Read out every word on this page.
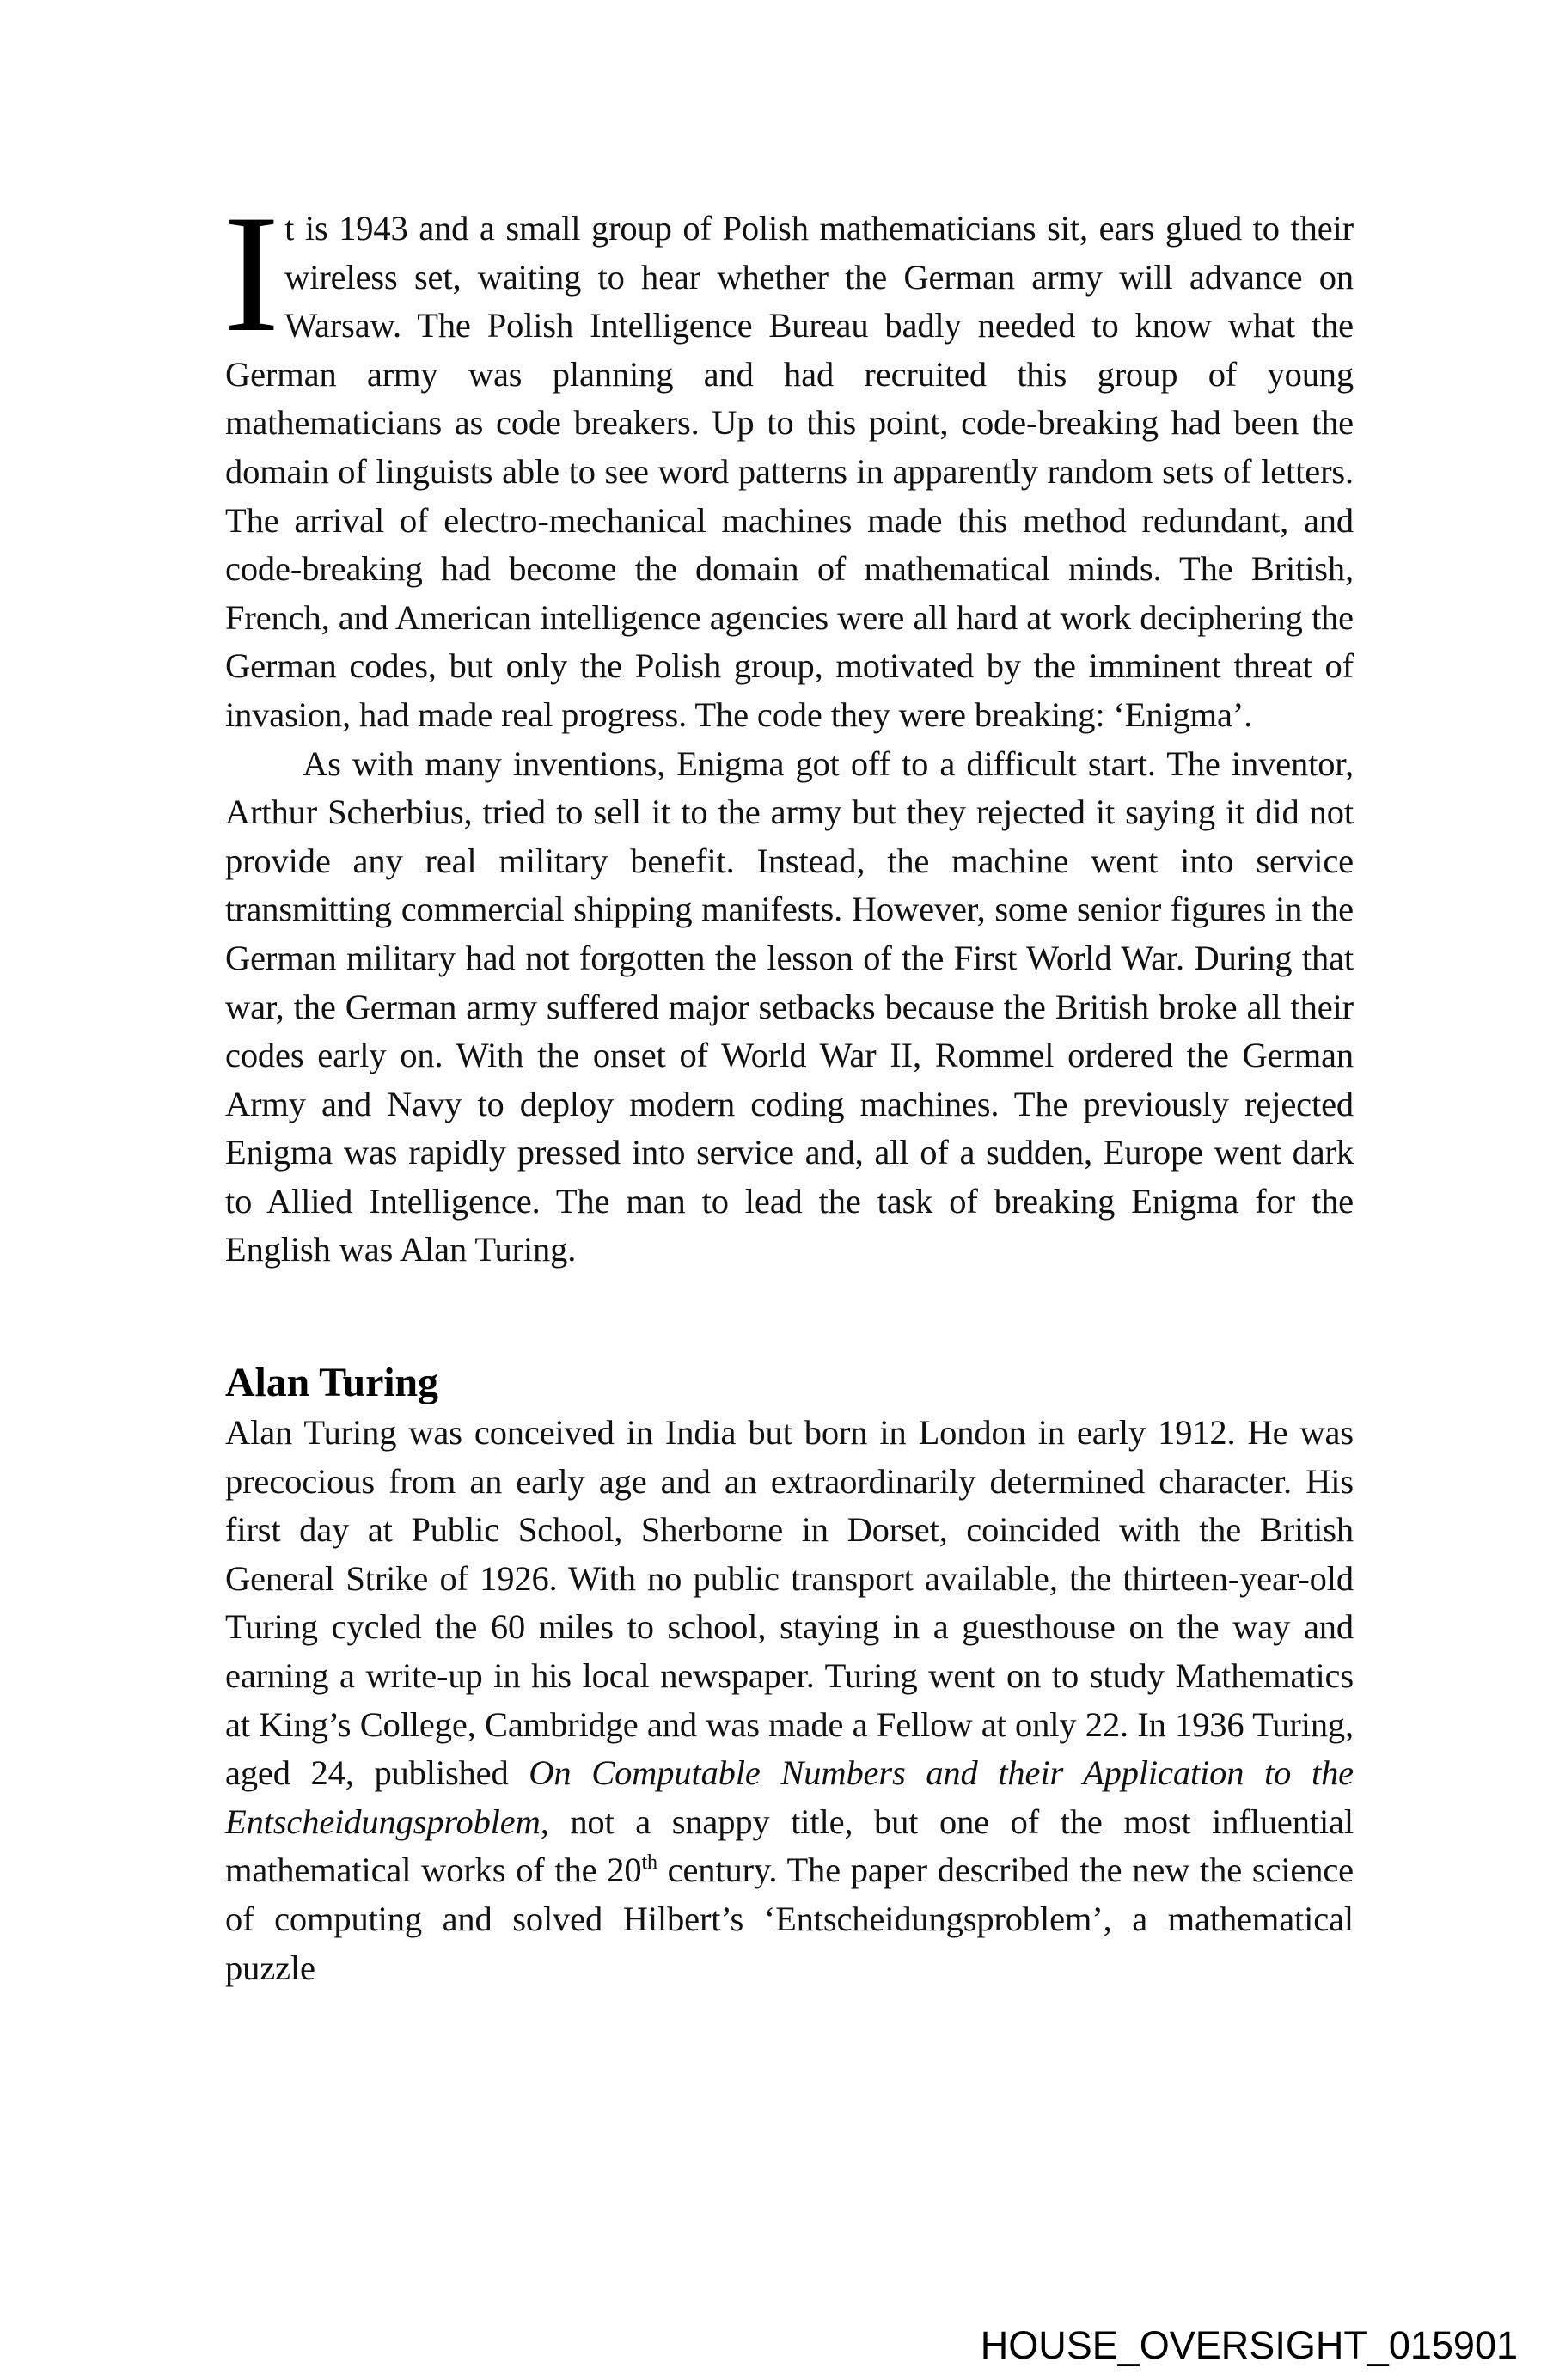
It is 1943 and a small group of Polish mathematicians sit, ears glued to their wireless set, waiting to hear whether the German army will advance on Warsaw. The Polish Intelligence Bureau badly needed to know what the German army was planning and had recruited this group of young mathematicians as code breakers. Up to this point, code-breaking had been the domain of linguists able to see word patterns in apparently random sets of letters. The arrival of electro-mechanical machines made this method redundant, and code-breaking had become the domain of mathematical minds. The British, French, and American intelligence agencies were all hard at work deciphering the German codes, but only the Polish group, motivated by the imminent threat of invasion, had made real progress. The code they were breaking: ‘Enigma’.

As with many inventions, Enigma got off to a difficult start. The inventor, Arthur Scherbius, tried to sell it to the army but they rejected it saying it did not provide any real military benefit. Instead, the machine went into service transmitting commercial shipping manifests. However, some senior figures in the German military had not forgotten the lesson of the First World War. During that war, the German army suffered major setbacks because the British broke all their codes early on. With the onset of World War II, Rommel ordered the German Army and Navy to deploy modern coding machines. The previously rejected Enigma was rapidly pressed into service and, all of a sudden, Europe went dark to Allied Intelligence. The man to lead the task of breaking Enigma for the English was Alan Turing.

Alan Turing

Alan Turing was conceived in India but born in London in early 1912. He was precocious from an early age and an extraordinarily determined character. His first day at Public School, Sherborne in Dorset, coincided with the British General Strike of 1926. With no public transport available, the thirteen-year-old Turing cycled the 60 miles to school, staying in a guesthouse on the way and earning a write-up in his local newspaper. Turing went on to study Mathematics at King’s College, Cambridge and was made a Fellow at only 22. In 1936 Turing, aged 24, published On Computable Numbers and their Application to the Entscheidungsproblem, not a snappy title, but one of the most influential mathematical works of the 20th century. The paper described the new the science of computing and solved Hilbert’s ‘Entscheidungsproblem’, a mathematical puzzle

HOUSE_OVERSIGHT_015901
